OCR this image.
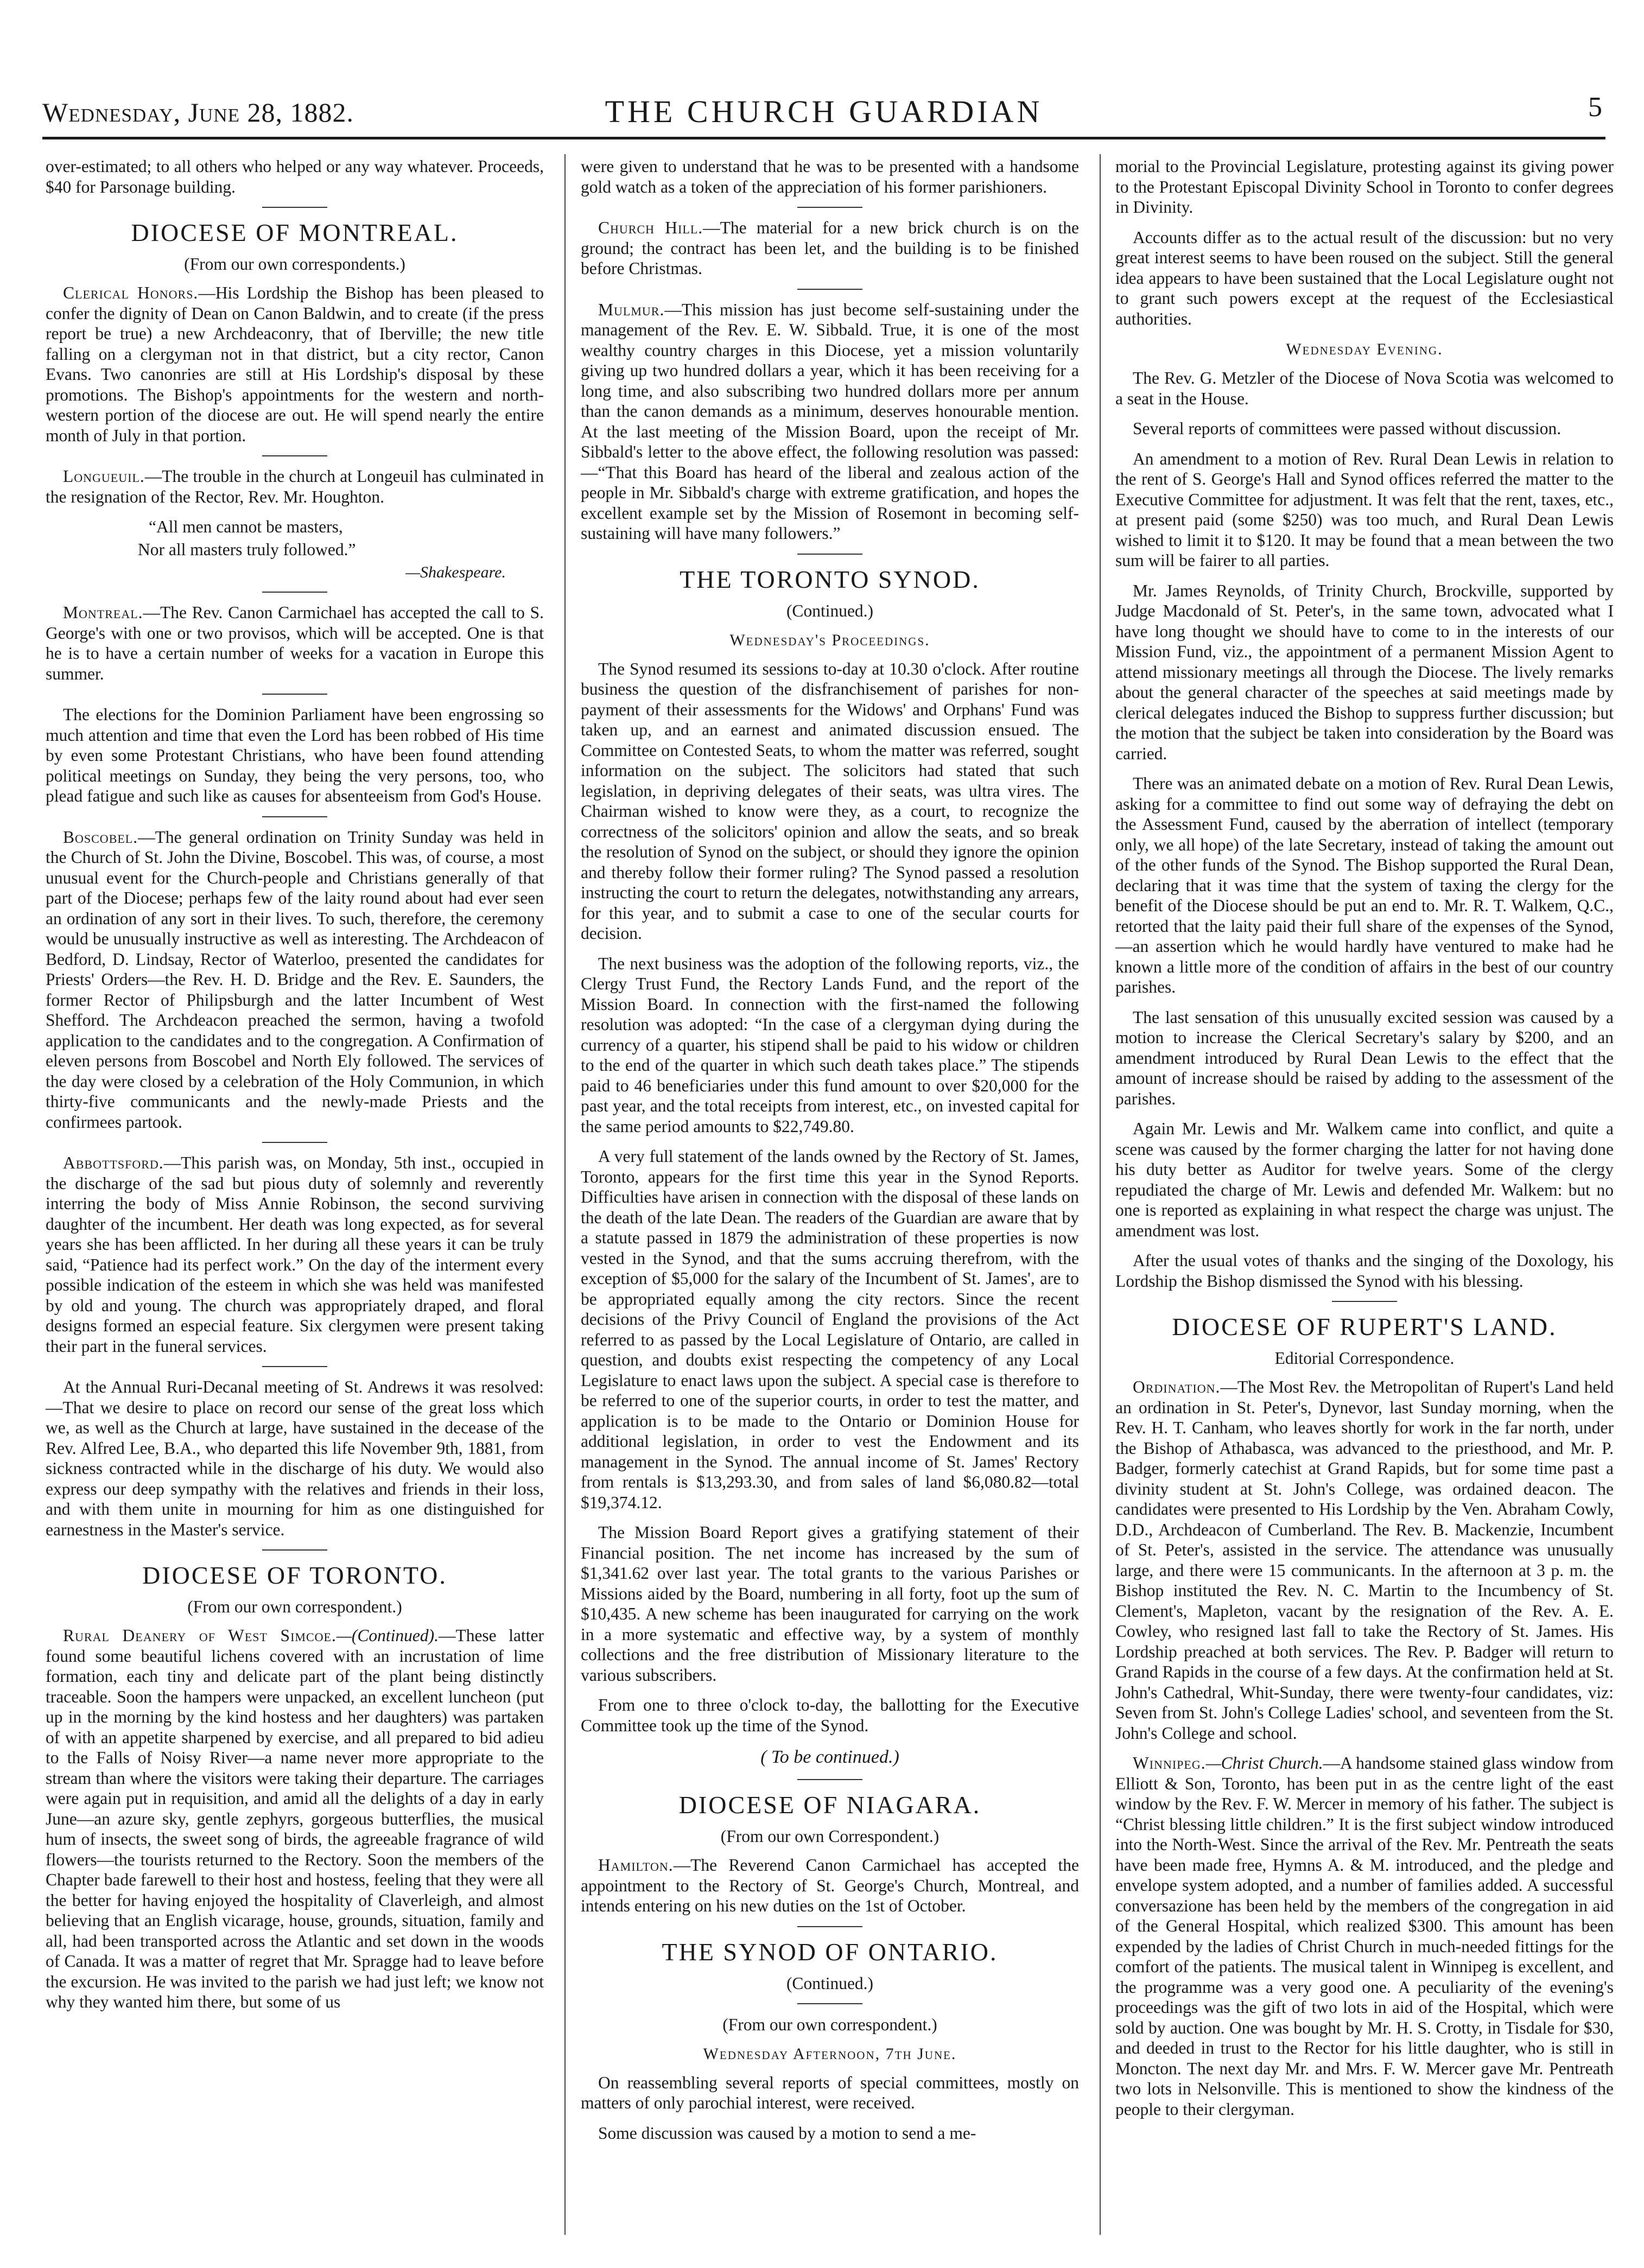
Wednesday, June 28, 1882.	THE CHURCH GUARDIAN	5

over-estimated; to all others who helped or any way whatever. Proceeds, $40 for Parsonage building.

DIOCESE OF MONTREAL.
(From our own correspondents.)

Clerical Honors.—His Lordship the Bishop has been pleased to confer the dignity of Dean on Canon Baldwin, and to create (if the press report be true) a new Archdeaconry, that of Iberville; the new title falling on a clergyman not in that district, but a city rector, Canon Evans. Two canonries are still at His Lordship's disposal by these promotions. The Bishop's appointments for the western and north-western portion of the diocese are out. He will spend nearly the entire month of July in that portion.

Longueuil.—The trouble in the church at Longeuil has culminated in the resignation of the Rector, Rev. Mr. Houghton.

“All men cannot be masters,
Nor all masters truly followed.”
—Shakespeare.

Montreal.—The Rev. Canon Carmichael has accepted the call to S. George's with one or two provisos, which will be accepted. One is that he is to have a certain number of weeks for a vacation in Europe this summer.

The elections for the Dominion Parliament have been engrossing so much attention and time that even the Lord has been robbed of His time by even some Protestant Christians, who have been found attending political meetings on Sunday, they being the very persons, too, who plead fatigue and such like as causes for absenteeism from God's House.

Boscobel.—The general ordination on Trinity Sunday was held in the Church of St. John the Divine, Boscobel. This was, of course, a most unusual event for the Church-people and Christians generally of that part of the Diocese; perhaps few of the laity round about had ever seen an ordination of any sort in their lives. To such, therefore, the ceremony would be unusually instructive as well as interesting. The Archdeacon of Bedford, D. Lindsay, Rector of Waterloo, presented the candidates for Priests' Orders—the Rev. H. D. Bridge and the Rev. E. Saunders, the former Rector of Philipsburgh and the latter Incumbent of West Shefford. The Archdeacon preached the sermon, having a twofold application to the candidates and to the congregation. A Confirmation of eleven persons from Boscobel and North Ely followed. The services of the day were closed by a celebration of the Holy Communion, in which thirty-five communicants and the newly-made Priests and the confirmees partook.

Abbottsford.—This parish was, on Monday, 5th inst., occupied in the discharge of the sad but pious duty of solemnly and reverently interring the body of Miss Annie Robinson, the second surviving daughter of the incumbent. Her death was long expected, as for several years she has been afflicted. In her during all these years it can be truly said, “Patience had its perfect work.” On the day of the interment every possible indication of the esteem in which she was held was manifested by old and young. The church was appropriately draped, and floral designs formed an especial feature. Six clergymen were present taking their part in the funeral services.

At the Annual Ruri-Decanal meeting of St. Andrews it was resolved:—That we desire to place on record our sense of the great loss which we, as well as the Church at large, have sustained in the decease of the Rev. Alfred Lee, B.A., who departed this life November 9th, 1881, from sickness contracted while in the discharge of his duty. We would also express our deep sympathy with the relatives and friends in their loss, and with them unite in mourning for him as one distinguished for earnestness in the Master's service.

DIOCESE OF TORONTO.
(From our own correspondent.)

Rural Deanery of West Simcoe.—(Continued).—These latter found some beautiful lichens covered with an incrustation of lime formation, each tiny and delicate part of the plant being distinctly traceable. Soon the hampers were unpacked, an excellent luncheon (put up in the morning by the kind hostess and her daughters) was partaken of with an appetite sharpened by exercise, and all prepared to bid adieu to the Falls of Noisy River—a name never more appropriate to the stream than where the visitors were taking their departure. The carriages were again put in requisition, and amid all the delights of a day in early June—an azure sky, gentle zephyrs, gorgeous butterflies, the musical hum of insects, the sweet song of birds, the agreeable fragrance of wild flowers—the tourists returned to the Rectory. Soon the members of the Chapter bade farewell to their host and hostess, feeling that they were all the better for having enjoyed the hospitality of Claverleigh, and almost believing that an English vicarage, house, grounds, situation, family and all, had been transported across the Atlantic and set down in the woods of Canada. It was a matter of regret that Mr. Spragge had to leave before the excursion. He was invited to the parish we had just left; we know not why they wanted him there, but some of us

were given to understand that he was to be presented with a handsome gold watch as a token of the appreciation of his former parishioners.

Church Hill.—The material for a new brick church is on the ground; the contract has been let, and the building is to be finished before Christmas.

Mulmur.—This mission has just become self-sustaining under the management of the Rev. E. W. Sibbald. True, it is one of the most wealthy country charges in this Diocese, yet a mission voluntarily giving up two hundred dollars a year, which it has been receiving for a long time, and also subscribing two hundred dollars more per annum than the canon demands as a minimum, deserves honourable mention. At the last meeting of the Mission Board, upon the receipt of Mr. Sibbald's letter to the above effect, the following resolution was passed:—“That this Board has heard of the liberal and zealous action of the people in Mr. Sibbald's charge with extreme gratification, and hopes the excellent example set by the Mission of Rosemont in becoming self-sustaining will have many followers.”

THE TORONTO SYNOD.
(Continued.)
Wednesday's Proceedings.

The Synod resumed its sessions to-day at 10.30 o'clock. After routine business the question of the disfranchisement of parishes for non-payment of their assessments for the Widows' and Orphans' Fund was taken up, and an earnest and animated discussion ensued. The Committee on Contested Seats, to whom the matter was referred, sought information on the subject. The solicitors had stated that such legislation, in depriving delegates of their seats, was ultra vires. The Chairman wished to know were they, as a court, to recognize the correctness of the solicitors' opinion and allow the seats, and so break the resolution of Synod on the subject, or should they ignore the opinion and thereby follow their former ruling? The Synod passed a resolution instructing the court to return the delegates, notwithstanding any arrears, for this year, and to submit a case to one of the secular courts for decision.

The next business was the adoption of the following reports, viz., the Clergy Trust Fund, the Rectory Lands Fund, and the report of the Mission Board. In connection with the first-named the following resolution was adopted: “In the case of a clergyman dying during the currency of a quarter, his stipend shall be paid to his widow or children to the end of the quarter in which such death takes place.” The stipends paid to 46 beneficiaries under this fund amount to over $20,000 for the past year, and the total receipts from interest, etc., on invested capital for the same period amounts to $22,749.80.

A very full statement of the lands owned by the Rectory of St. James, Toronto, appears for the first time this year in the Synod Reports. Difficulties have arisen in connection with the disposal of these lands on the death of the late Dean. The readers of the Guardian are aware that by a statute passed in 1879 the administration of these properties is now vested in the Synod, and that the sums accruing therefrom, with the exception of $5,000 for the salary of the Incumbent of St. James', are to be appropriated equally among the city rectors. Since the recent decisions of the Privy Council of England the provisions of the Act referred to as passed by the Local Legislature of Ontario, are called in question, and doubts exist respecting the competency of any Local Legislature to enact laws upon the subject. A special case is therefore to be referred to one of the superior courts, in order to test the matter, and application is to be made to the Ontario or Dominion House for additional legislation, in order to vest the Endowment and its management in the Synod. The annual income of St. James' Rectory from rentals is $13,293.30, and from sales of land $6,080.82—total $19,374.12.

The Mission Board Report gives a gratifying statement of their Financial position. The net income has increased by the sum of $1,341.62 over last year. The total grants to the various Parishes or Missions aided by the Board, numbering in all forty, foot up the sum of $10,435. A new scheme has been inaugurated for carrying on the work in a more systematic and effective way, by a system of monthly collections and the free distribution of Missionary literature to the various subscribers.

From one to three o'clock to-day, the ballotting for the Executive Committee took up the time of the Synod.

( To be continued.)
DIOCESE OF NIAGARA.
(From our own Correspondent.)

Hamilton.—The Reverend Canon Carmichael has accepted the appointment to the Rectory of St. George's Church, Montreal, and intends entering on his new duties on the 1st of October.

THE SYNOD OF ONTARIO.
(Continued.)
(From our own correspondent.)
Wednesday Afternoon, 7th June.

On reassembling several reports of special committees, mostly on matters of only parochial interest, were received.

Some discussion was caused by a motion to send a me-

morial to the Provincial Legislature, protesting against its giving power to the Protestant Episcopal Divinity School in Toronto to confer degrees in Divinity.

Accounts differ as to the actual result of the discussion: but no very great interest seems to have been roused on the subject. Still the general idea appears to have been sustained that the Local Legislature ought not to grant such powers except at the request of the Ecclesiastical authorities.

Wednesday Evening.

The Rev. G. Metzler of the Diocese of Nova Scotia was welcomed to a seat in the House.

Several reports of committees were passed without discussion.

An amendment to a motion of Rev. Rural Dean Lewis in relation to the rent of S. George's Hall and Synod offices referred the matter to the Executive Committee for adjustment. It was felt that the rent, taxes, etc., at present paid (some $250) was too much, and Rural Dean Lewis wished to limit it to $120. It may be found that a mean between the two sum will be fairer to all parties.

Mr. James Reynolds, of Trinity Church, Brockville, supported by Judge Macdonald of St. Peter's, in the same town, advocated what I have long thought we should have to come to in the interests of our Mission Fund, viz., the appointment of a permanent Mission Agent to attend missionary meetings all through the Diocese. The lively remarks about the general character of the speeches at said meetings made by clerical delegates induced the Bishop to suppress further discussion; but the motion that the subject be taken into consideration by the Board was carried.

There was an animated debate on a motion of Rev. Rural Dean Lewis, asking for a committee to find out some way of defraying the debt on the Assessment Fund, caused by the aberration of intellect (temporary only, we all hope) of the late Secretary, instead of taking the amount out of the other funds of the Synod. The Bishop supported the Rural Dean, declaring that it was time that the system of taxing the clergy for the benefit of the Diocese should be put an end to. Mr. R. T. Walkem, Q.C., retorted that the laity paid their full share of the expenses of the Synod,—an assertion which he would hardly have ventured to make had he known a little more of the condition of affairs in the best of our country parishes.

The last sensation of this unusually excited session was caused by a motion to increase the Clerical Secretary's salary by $200, and an amendment introduced by Rural Dean Lewis to the effect that the amount of increase should be raised by adding to the assessment of the parishes.

Again Mr. Lewis and Mr. Walkem came into conflict, and quite a scene was caused by the former charging the latter for not having done his duty better as Auditor for twelve years. Some of the clergy repudiated the charge of Mr. Lewis and defended Mr. Walkem: but no one is reported as explaining in what respect the charge was unjust. The amendment was lost.

After the usual votes of thanks and the singing of the Doxology, his Lordship the Bishop dismissed the Synod with his blessing.

DIOCESE OF RUPERT'S LAND.
Editorial Correspondence.

Ordination.—The Most Rev. the Metropolitan of Rupert's Land held an ordination in St. Peter's, Dynevor, last Sunday morning, when the Rev. H. T. Canham, who leaves shortly for work in the far north, under the Bishop of Athabasca, was advanced to the priesthood, and Mr. P. Badger, formerly catechist at Grand Rapids, but for some time past a divinity student at St. John's College, was ordained deacon. The candidates were presented to His Lordship by the Ven. Abraham Cowly, D.D., Archdeacon of Cumberland. The Rev. B. Mackenzie, Incumbent of St. Peter's, assisted in the service. The attendance was unusually large, and there were 15 communicants. In the afternoon at 3 p. m. the Bishop instituted the Rev. N. C. Martin to the Incumbency of St. Clement's, Mapleton, vacant by the resignation of the Rev. A. E. Cowley, who resigned last fall to take the Rectory of St. James. His Lordship preached at both services. The Rev. P. Badger will return to Grand Rapids in the course of a few days. At the confirmation held at St. John's Cathedral, Whit-Sunday, there were twenty-four candidates, viz: Seven from St. John's College Ladies' school, and seventeen from the St. John's College and school.

Winnipeg.—Christ Church.—A handsome stained glass window from Elliott & Son, Toronto, has been put in as the centre light of the east window by the Rev. F. W. Mercer in memory of his father. The subject is “Christ blessing little children.” It is the first subject window introduced into the North-West. Since the arrival of the Rev. Mr. Pentreath the seats have been made free, Hymns A. & M. introduced, and the pledge and envelope system adopted, and a number of families added. A successful conversazione has been held by the members of the congregation in aid of the General Hospital, which realized $300. This amount has been expended by the ladies of Christ Church in much-needed fittings for the comfort of the patients. The musical talent in Winnipeg is excellent, and the programme was a very good one. A peculiarity of the evening's proceedings was the gift of two lots in aid of the Hospital, which were sold by auction. One was bought by Mr. H. S. Crotty, in Tisdale for $30, and deeded in trust to the Rector for his little daughter, who is still in Moncton. The next day Mr. and Mrs. F. W. Mercer gave Mr. Pentreath two lots in Nelsonville. This is mentioned to show the kindness of the people to their clergyman.
